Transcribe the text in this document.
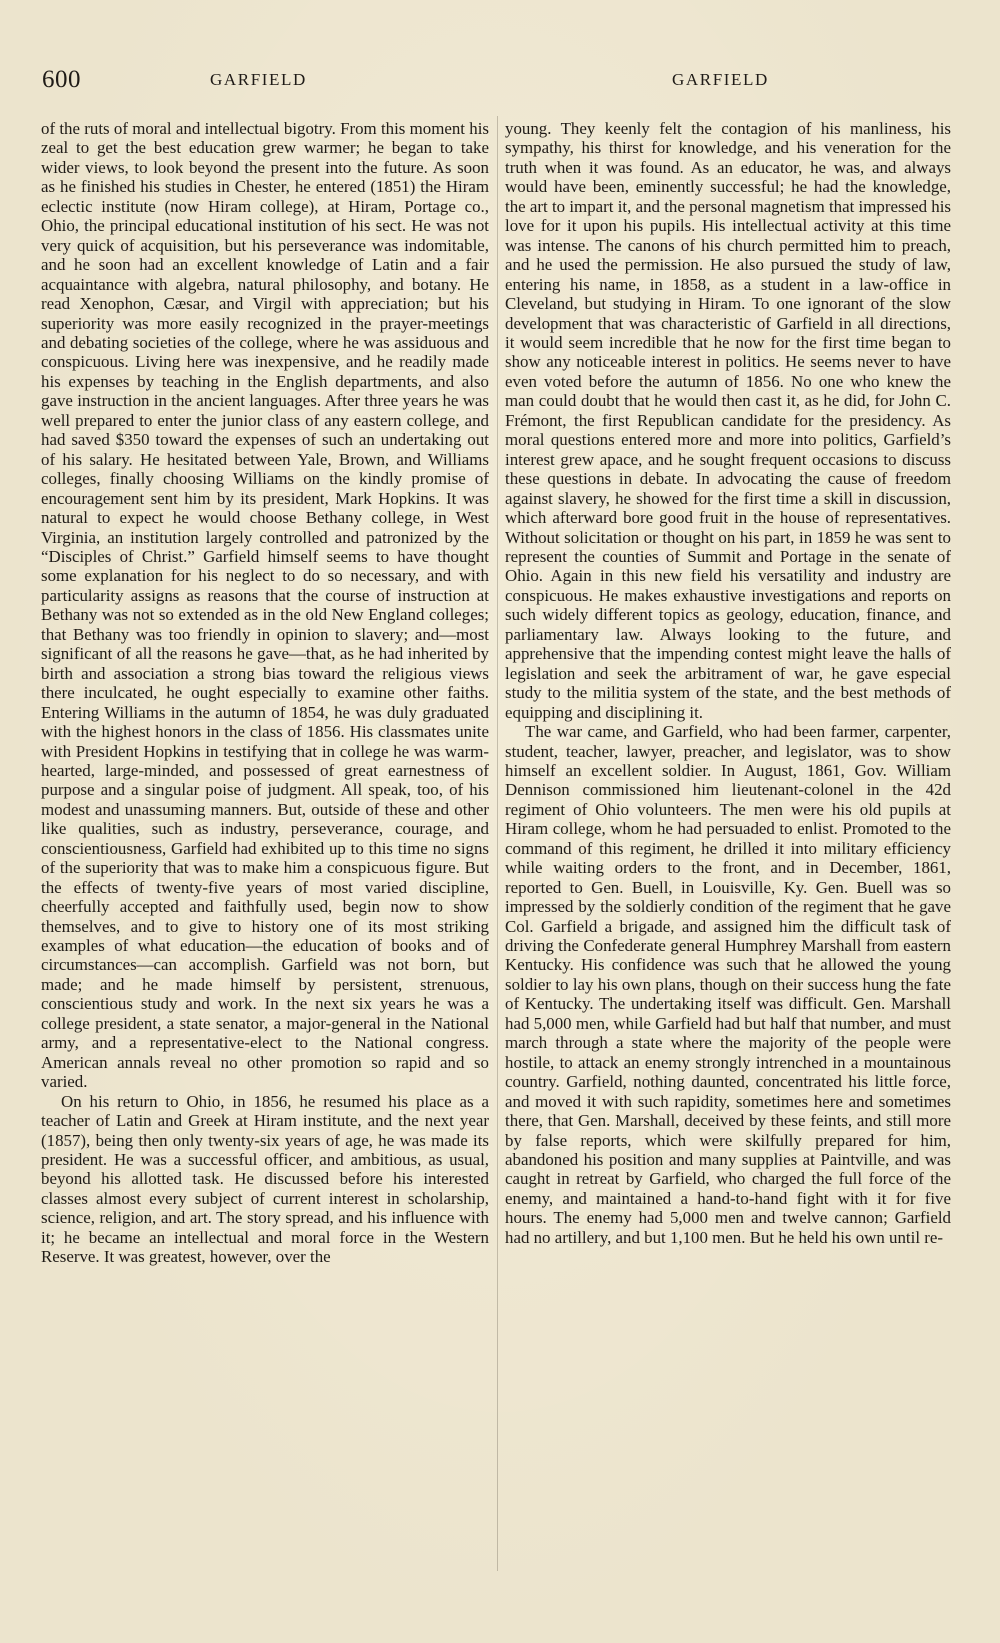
600	GARFIELD	GARFIELD

of the ruts of moral and intellectual bigotry. From this moment his zeal to get the best education grew warmer; he began to take wider views, to look beyond the present into the future. As soon as he finished his studies in Chester, he entered (1851) the Hiram eclectic institute (now Hiram college), at Hiram, Portage co., Ohio, the principal educational institution of his sect. He was not very quick of acquisition, but his perseverance was indomitable, and he soon had an excellent knowledge of Latin and a fair acquaintance with algebra, natural philosophy, and botany. He read Xenophon, Cæsar, and Virgil with appreciation; but his superiority was more easily recognized in the prayer-meetings and debating societies of the college, where he was assiduous and conspicuous. Living here was inexpensive, and he readily made his expenses by teaching in the English departments, and also gave instruction in the ancient languages. After three years he was well prepared to enter the junior class of any eastern college, and had saved $350 toward the expenses of such an undertaking out of his salary. He hesitated between Yale, Brown, and Williams colleges, finally choosing Williams on the kindly promise of encouragement sent him by its president, Mark Hopkins. It was natural to expect he would choose Bethany college, in West Virginia, an institution largely controlled and patronized by the “Disciples of Christ.” Garfield himself seems to have thought some explanation for his neglect to do so necessary, and with particularity assigns as reasons that the course of instruction at Bethany was not so extended as in the old New England colleges; that Bethany was too friendly in opinion to slavery; and—most significant of all the reasons he gave—that, as he had inherited by birth and association a strong bias toward the religious views there inculcated, he ought especially to examine other faiths. Entering Williams in the autumn of 1854, he was duly graduated with the highest honors in the class of 1856. His classmates unite with President Hopkins in testifying that in college he was warm-hearted, large-minded, and possessed of great earnestness of purpose and a singular poise of judgment. All speak, too, of his modest and unassuming manners. But, outside of these and other like qualities, such as industry, perseverance, courage, and conscientiousness, Garfield had exhibited up to this time no signs of the superiority that was to make him a conspicuous figure. But the effects of twenty-five years of most varied discipline, cheerfully accepted and faithfully used, begin now to show themselves, and to give to history one of its most striking examples of what education—the education of books and of circumstances—can accomplish. Garfield was not born, but made; and he made himself by persistent, strenuous, conscientious study and work. In the next six years he was a college president, a state senator, a major-general in the National army, and a representative-elect to the National congress. American annals reveal no other promotion so rapid and so varied.

On his return to Ohio, in 1856, he resumed his place as a teacher of Latin and Greek at Hiram institute, and the next year (1857), being then only twenty-six years of age, he was made its president. He was a successful officer, and ambitious, as usual, beyond his allotted task. He discussed before his interested classes almost every subject of current interest in scholarship, science, religion, and art. The story spread, and his influence with it; he became an intellectual and moral force in the Western Reserve. It was greatest, however, over the

young. They keenly felt the contagion of his manliness, his sympathy, his thirst for knowledge, and his veneration for the truth when it was found. As an educator, he was, and always would have been, eminently successful; he had the knowledge, the art to impart it, and the personal magnetism that impressed his love for it upon his pupils. His intellectual activity at this time was intense. The canons of his church permitted him to preach, and he used the permission. He also pursued the study of law, entering his name, in 1858, as a student in a law-office in Cleveland, but studying in Hiram. To one ignorant of the slow development that was characteristic of Garfield in all directions, it would seem incredible that he now for the first time began to show any noticeable interest in politics. He seems never to have even voted before the autumn of 1856. No one who knew the man could doubt that he would then cast it, as he did, for John C. Frémont, the first Republican candidate for the presidency. As moral questions entered more and more into politics, Garfield’s interest grew apace, and he sought frequent occasions to discuss these questions in debate. In advocating the cause of freedom against slavery, he showed for the first time a skill in discussion, which afterward bore good fruit in the house of representatives. Without solicitation or thought on his part, in 1859 he was sent to represent the counties of Summit and Portage in the senate of Ohio. Again in this new field his versatility and industry are conspicuous. He makes exhaustive investigations and reports on such widely different topics as geology, education, finance, and parliamentary law. Always looking to the future, and apprehensive that the impending contest might leave the halls of legislation and seek the arbitrament of war, he gave especial study to the militia system of the state, and the best methods of equipping and disciplining it.

The war came, and Garfield, who had been farmer, carpenter, student, teacher, lawyer, preacher, and legislator, was to show himself an excellent soldier. In August, 1861, Gov. William Dennison commissioned him lieutenant-colonel in the 42d regiment of Ohio volunteers. The men were his old pupils at Hiram college, whom he had persuaded to enlist. Promoted to the command of this regiment, he drilled it into military efficiency while waiting orders to the front, and in December, 1861, reported to Gen. Buell, in Louisville, Ky. Gen. Buell was so impressed by the soldierly condition of the regiment that he gave Col. Garfield a brigade, and assigned him the difficult task of driving the Confederate general Humphrey Marshall from eastern Kentucky. His confidence was such that he allowed the young soldier to lay his own plans, though on their success hung the fate of Kentucky. The undertaking itself was difficult. Gen. Marshall had 5,000 men, while Garfield had but half that number, and must march through a state where the majority of the people were hostile, to attack an enemy strongly intrenched in a mountainous country. Garfield, nothing daunted, concentrated his little force, and moved it with such rapidity, sometimes here and sometimes there, that Gen. Marshall, deceived by these feints, and still more by false reports, which were skilfully prepared for him, abandoned his position and many supplies at Paintville, and was caught in retreat by Garfield, who charged the full force of the enemy, and maintained a hand-to-hand fight with it for five hours. The enemy had 5,000 men and twelve cannon; Garfield had no artillery, and but 1,100 men. But he held his own until re-
